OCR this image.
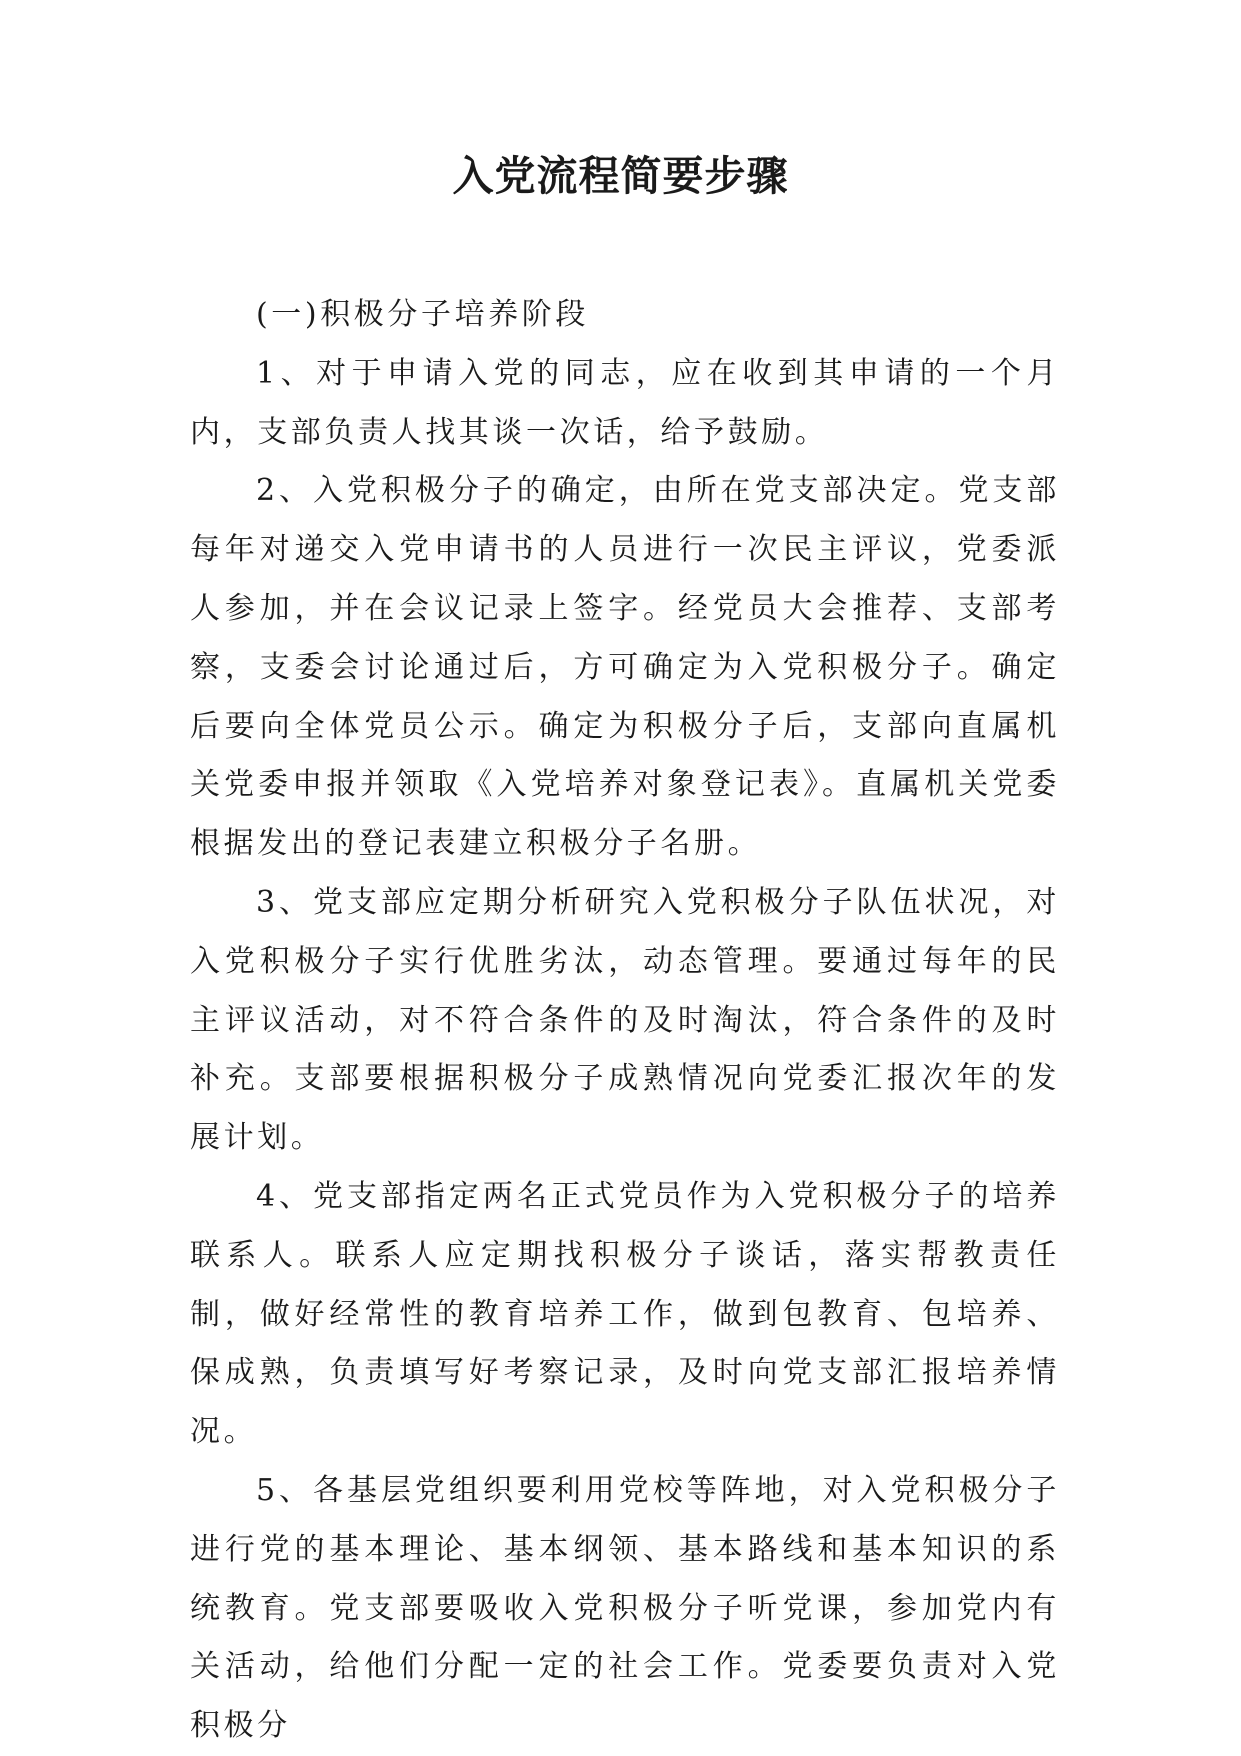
入党流程简要步骤

(一)积极分子培养阶段

1、对于申请入党的同志，应在收到其申请的一个月内，支部负责人找其谈一次话，给予鼓励。

2、入党积极分子的确定，由所在党支部决定。党支部每年对递交入党申请书的人员进行一次民主评议，党委派人参加，并在会议记录上签字。经党员大会推荐、支部考察，支委会讨论通过后，方可确定为入党积极分子。确定后要向全体党员公示。确定为积极分子后，支部向直属机关党委申报并领取《入党培养对象登记表》。直属机关党委根据发出的登记表建立积极分子名册。

3、党支部应定期分析研究入党积极分子队伍状况，对入党积极分子实行优胜劣汰，动态管理。要通过每年的民主评议活动，对不符合条件的及时淘汰，符合条件的及时补充。支部要根据积极分子成熟情况向党委汇报次年的发展计划。

4、党支部指定两名正式党员作为入党积极分子的培养联系人。联系人应定期找积极分子谈话，落实帮教责任制，做好经常性的教育培养工作，做到包教育、包培养、保成熟，负责填写好考察记录，及时向党支部汇报培养情况。

5、各基层党组织要利用党校等阵地，对入党积极分子进行党的基本理论、基本纲领、基本路线和基本知识的系统教育。党支部要吸收入党积极分子听党课，参加党内有关活动，给他们分配一定的社会工作。党委要负责对入党积极分
